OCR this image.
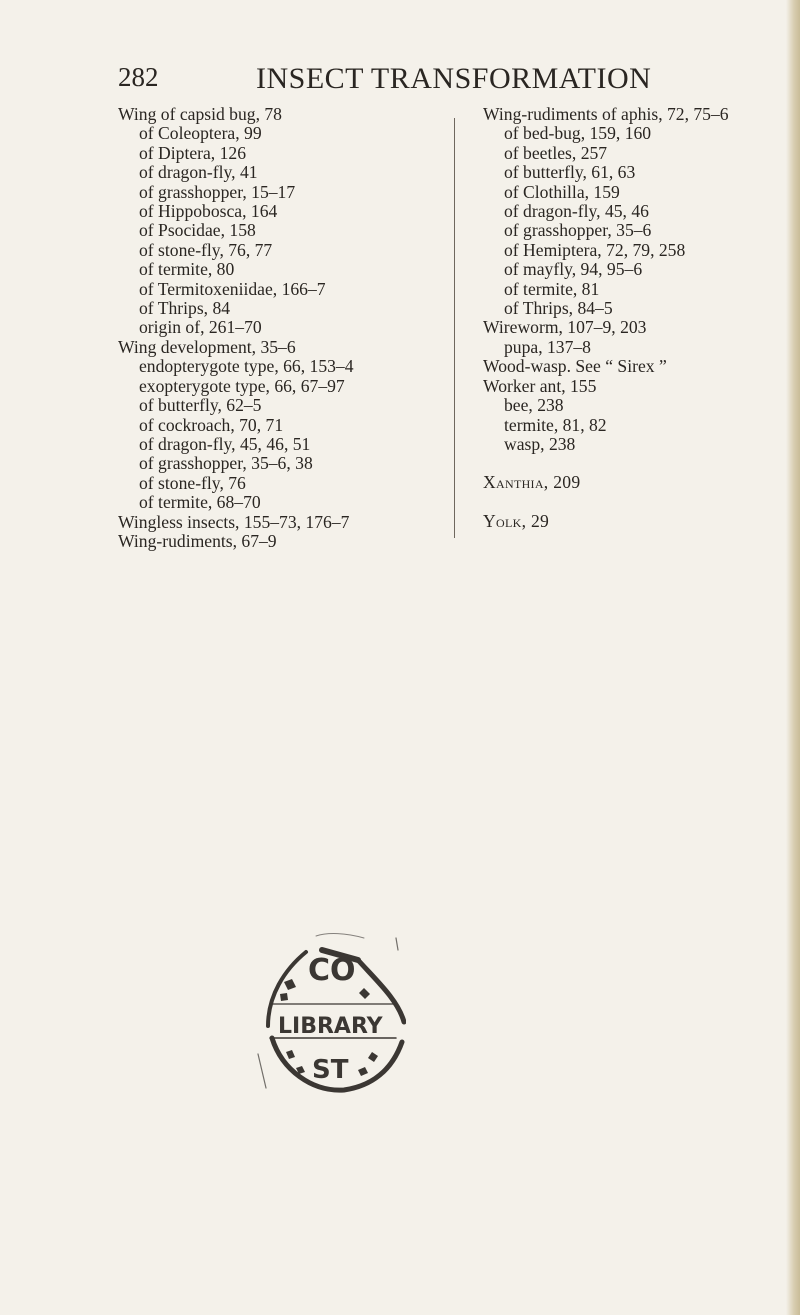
282	INSECT TRANSFORMATION
Wing of capsid bug, 78
of Coleoptera, 99
of Diptera, 126
of dragon-fly, 41
of grasshopper, 15–17
of Hippobosca, 164
of Psocidae, 158
of stone-fly, 76, 77
of termite, 80
of Termitoxeniidae, 166–7
of Thrips, 84
origin of, 261–70
Wing development, 35–6
endopterygote type, 66, 153–4
exopterygote type, 66, 67–97
of butterfly, 62–5
of cockroach, 70, 71
of dragon-fly, 45, 46, 51
of grasshopper, 35–6, 38
of stone-fly, 76
of termite, 68–70
Wingless insects, 155–73, 176–7
Wing-rudiments, 67–9
Wing-rudiments of aphis, 72, 75–6
of bed-bug, 159, 160
of beetles, 257
of butterfly, 61, 63
of Clothilla, 159
of dragon-fly, 45, 46
of grasshopper, 35–6
of Hemiptera, 72, 79, 258
of mayfly, 94, 95–6
of termite, 81
of Thrips, 84–5
Wireworm, 107–9, 203
pupa, 137–8
Wood-wasp. See “ Sirex ”
Worker ant, 155
bee, 238
termite, 81, 82
wasp, 238
Xanthia, 209
Yolk, 29
CO
LIBRARY
ST
